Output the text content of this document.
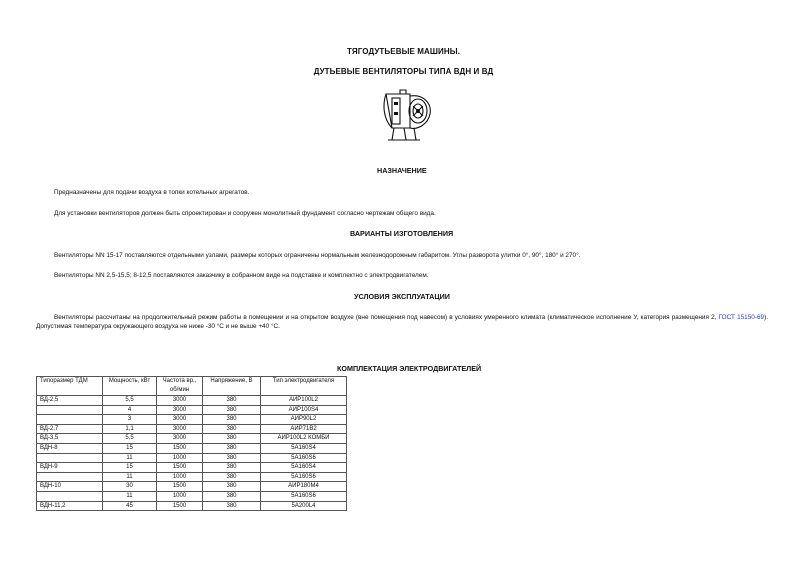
ТЯГОДУТЬЕВЫЕ МАШИНЫ.
ДУТЬЕВЫЕ ВЕНТИЛЯТОРЫ ТИПА ВДН И ВД
НАЗНАЧЕНИЕ
Предназначены для подачи воздуха в топки котельных агрегатов.
Для установки вентиляторов должен быть спроектирован и сооружен монолитный фундамент согласно чертежам общего вида.
ВАРИАНТЫ ИЗГОТОВЛЕНИЯ
Вентиляторы NN 15-17 поставляются отдельными узлами, размеры которых ограничены нормальным железнодорожным габаритом. Углы разворота улитки 0°, 90°, 180° и 270°.
Вентиляторы NN 2,5-15,5; 8-12,5 поставляются заказчику в собранном виде на подставке и комплектно с электродвигателем.
УСЛОВИЯ ЭКСПЛУАТАЦИИ
Вентиляторы рассчитаны на продолжительный режим работы в помещении и на открытом воздухе (вне помещения под навесом) в условиях умеренного климата (климатическое исполнение У, категория размещения 2, ГОСТ 15150-69). Допустимая температура окружающего воздуха не ниже -30 °С и не выше +40 °С.
КОМПЛЕКТАЦИЯ ЭЛЕКТРОДВИГАТЕЛЕЙ
Типоразмер ТДМ	Мощность, кВт	Частота вр., об/мин	Напряжение, В	Тип электродвигателя
ВД-2,5	5,5	3000	380	АИР100L2
	4	3000	380	АИР100S4
	3	3000	380	АИР90L2
ВД-2,7	1,1	3000	380	АИР71В2
ВД-3,5	5,5	3000	380	АИР100L2 КОМБИ
ВДН-8	15	1500	380	5А160S4
	11	1000	380	5А160S6
ВДН-9	15	1500	380	5А160S4
	11	1000	380	5А160S6
ВДН-10	30	1500	380	АИР180М4
	11	1000	380	5А160S6
ВДН-11,2	45	1500	380	5А200L4
